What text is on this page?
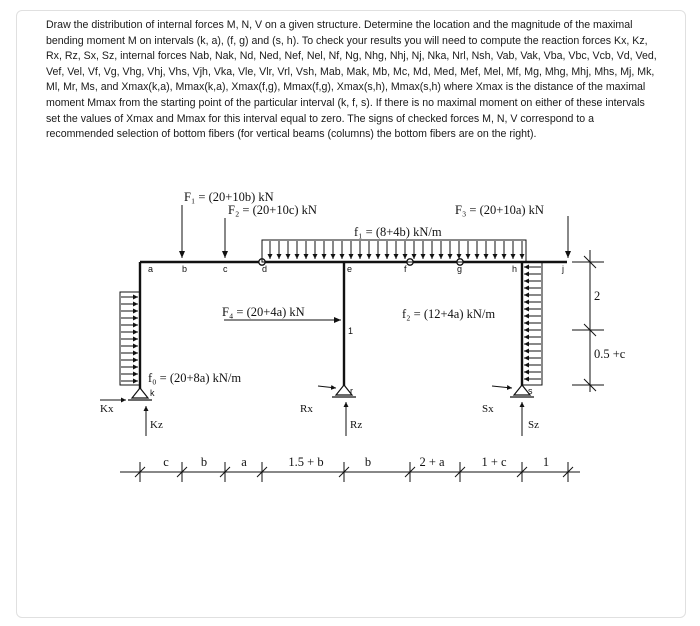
Draw the distribution of internal forces M, N, V on a given structure. Determine the location and the magnitude of the maximal bending moment M on intervals (k, a), (f, g) and (s, h). To check your results you will need to compute the reaction forces Kx, Kz, Rx, Rz, Sx, Sz, internal forces Nab, Nak, Nd, Ned, Nef, Nel, Nf, Ng, Nhg, Nhj, Nj, Nka, Nrl, Nsh, Vab, Vak, Vba, Vbc, Vcb, Vd, Ved, Vef, Vel, Vf, Vg, Vhg, Vhj, Vhs, Vjh, Vka, Vle, Vlr, Vrl, Vsh, Mab, Mak, Mb, Mc, Md, Med, Mef, Mel, Mf, Mg, Mhg, Mhj, Mhs, Mj, Mk, Ml, Mr, Ms, and Xmax(k,a), Mmax(k,a), Xmax(f,g), Mmax(f,g), Xmax(s,h), Mmax(s,h) where Xmax is the distance of the maximal moment Mmax from the starting point of the particular interval (k, f, s). If there is no maximal moment on either of these intervals set the values of Xmax and Mmax for this interval equal to zero. The signs of checked forces M, N, V correspond to a recommended selection of bottom fibers (for vertical beams (columns) the bottom fibers are on the right).

F₁ = (20+10b) kN
F₂ = (20+10c) kN	F₃ = (20+10a) kN
f₁ = (8+4b) kN/m
F₄ = (20+4a) kN	f₂ = (12+4a) kN/m
f₀ = (20+8a) kN/m
a	b	c	d	e	f	g	h	j
k
1
r	s
Kx
Kz
Rx
Rz
Sx
Sz
2
0.5 +c
c	b	a	1.5 + b	b	2 + a	1 + c	1
